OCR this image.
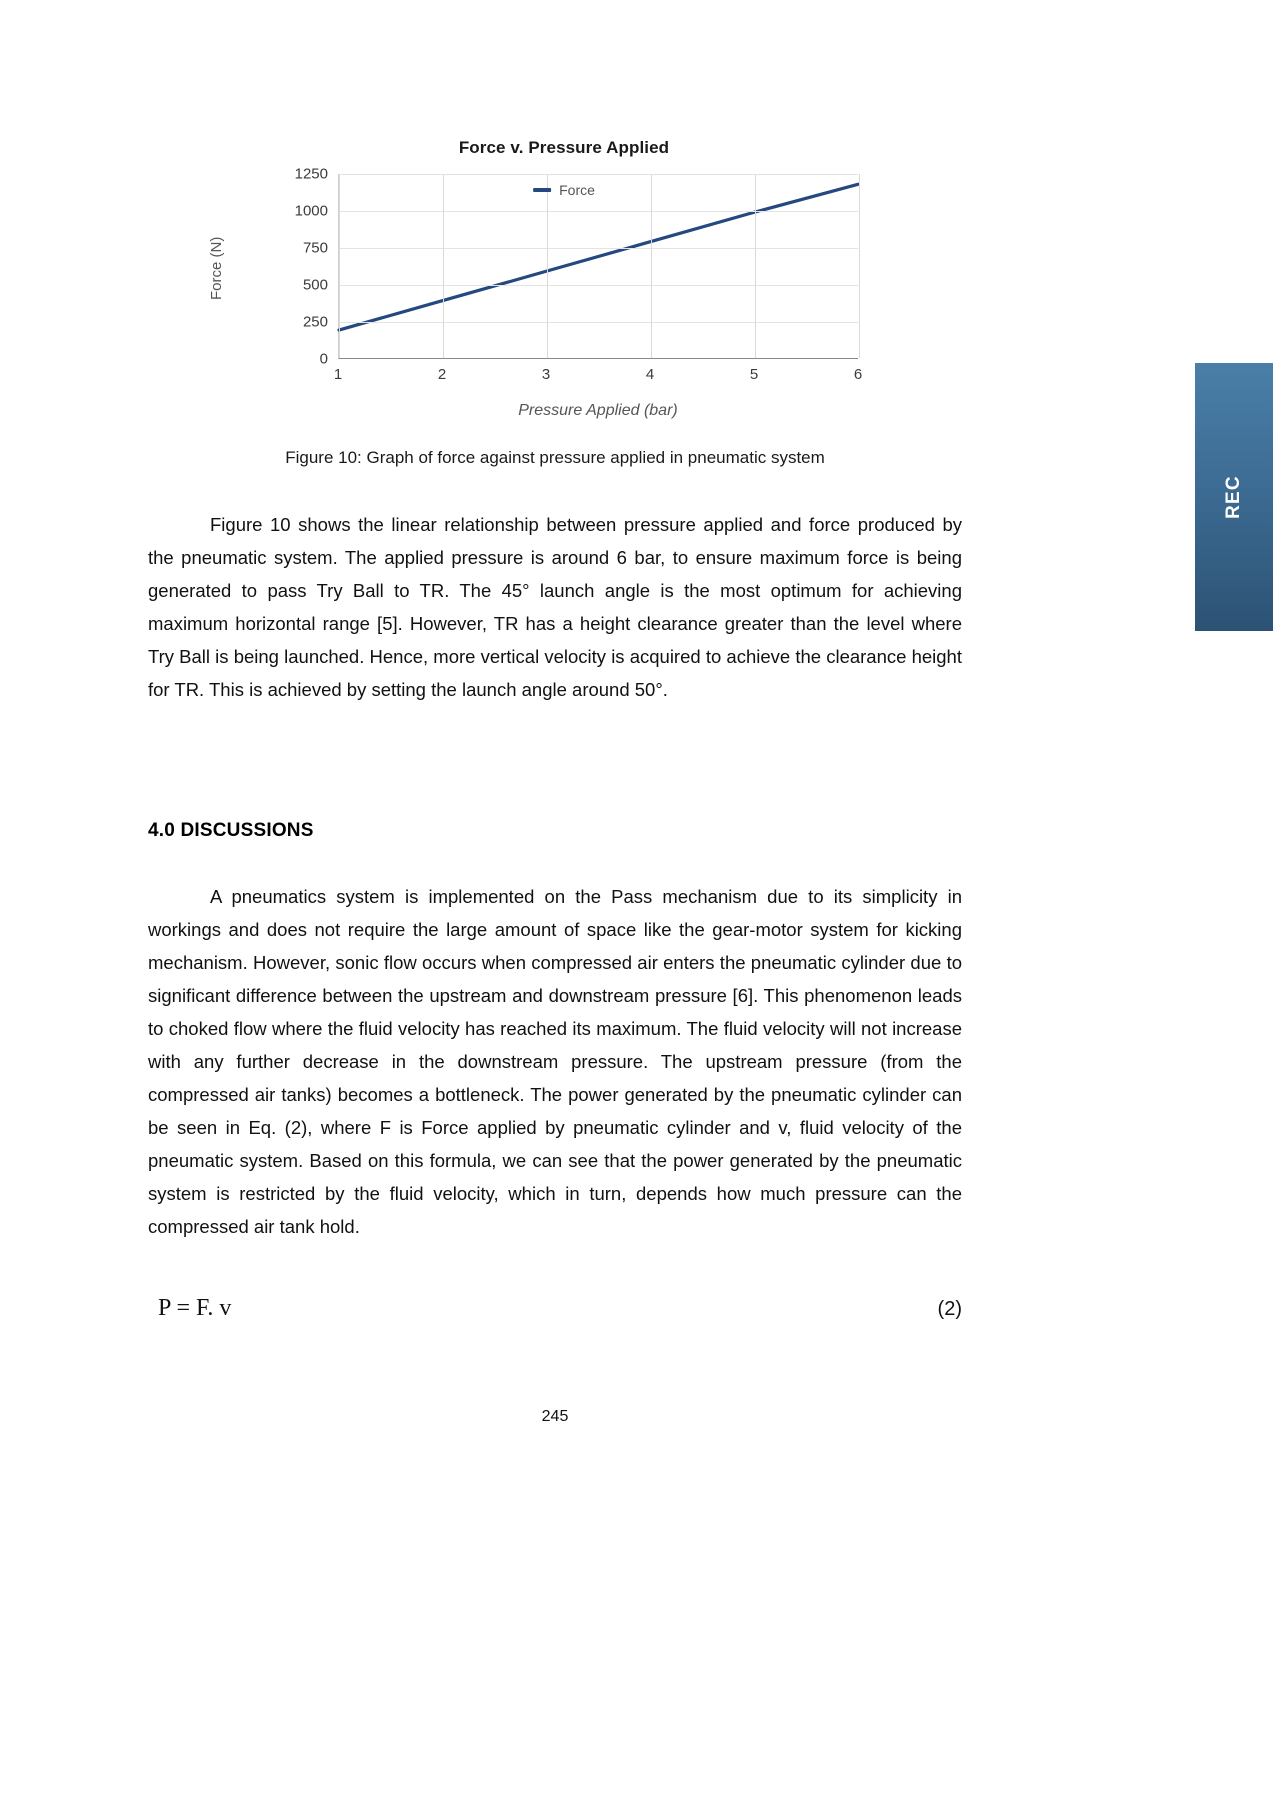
Force v. Pressure Applied
Force (N)
0
250
500
750
1000
1250
1	2	3	4	5	6
Force
Pressure Applied (bar)
Figure 10: Graph of force against pressure applied in pneumatic system

Figure 10 shows the linear relationship between pressure applied and force produced by the pneumatic system. The applied pressure is around 6 bar, to ensure maximum force is being generated to pass Try Ball to TR. The 45° launch angle is the most optimum for achieving maximum horizontal range [5]. However, TR has a height clearance greater than the level where Try Ball is being launched. Hence, more vertical velocity is acquired to achieve the clearance height for TR. This is achieved by setting the launch angle around 50°.

4.0 DISCUSSIONS

A pneumatics system is implemented on the Pass mechanism due to its simplicity in workings and does not require the large amount of space like the gear-motor system for kicking mechanism. However, sonic flow occurs when compressed air enters the pneumatic cylinder due to significant difference between the upstream and downstream pressure [6]. This phenomenon leads to choked flow where the fluid velocity has reached its maximum. The fluid velocity will not increase with any further decrease in the downstream pressure. The upstream pressure (from the compressed air tanks) becomes a bottleneck. The power generated by the pneumatic cylinder can be seen in Eq. (2), where F is Force applied by pneumatic cylinder and v, fluid velocity of the pneumatic system. Based on this formula, we can see that the power generated by the pneumatic system is restricted by the fluid velocity, which in turn, depends how much pressure can the compressed air tank hold.

P = F. v	(2)
245
REC
